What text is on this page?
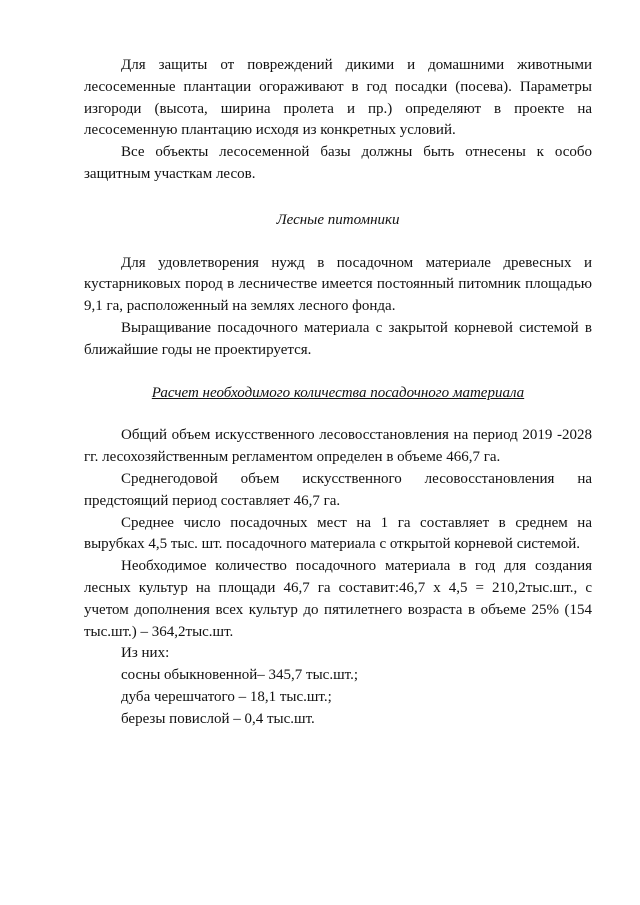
Для защиты от повреждений дикими и домашними животными лесосеменные плантации огораживают в год посадки (посева). Параметры изгороди (высота, ширина пролета и пр.) определяют в проекте на лесосеменную плантацию исходя из конкретных условий.

Все объекты лесосеменной базы должны быть отнесены к особо защитным участкам лесов.

Лесные питомники

Для удовлетворения нужд в посадочном материале древесных и кустарниковых пород в лесничестве имеется постоянный питомник площадью 9,1 га, расположенный на землях лесного фонда.

Выращивание посадочного материала с закрытой корневой системой в ближайшие годы не проектируется.

Расчет необходимого количества посадочного материала

Общий объем искусственного лесовосстановления на период 2019 -2028 гг. лесохозяйственным регламентом определен в объеме 466,7 га.

Среднегодовой объем искусственного лесовосстановления на предстоящий период составляет 46,7 га.

Среднее число посадочных мест на 1 га составляет в среднем на вырубках 4,5 тыс. шт. посадочного материала с открытой корневой системой.

Необходимое количество посадочного материала в год для создания лесных культур на площади 46,7 га составит:46,7 х 4,5 = 210,2тыс.шт., с учетом дополнения всех культур до пятилетнего возраста в объеме 25% (154 тыс.шт.) – 364,2тыс.шт.

Из них:

сосны обыкновенной– 345,7 тыс.шт.;

дуба черешчатого – 18,1 тыс.шт.;

березы повислой – 0,4 тыс.шт.
